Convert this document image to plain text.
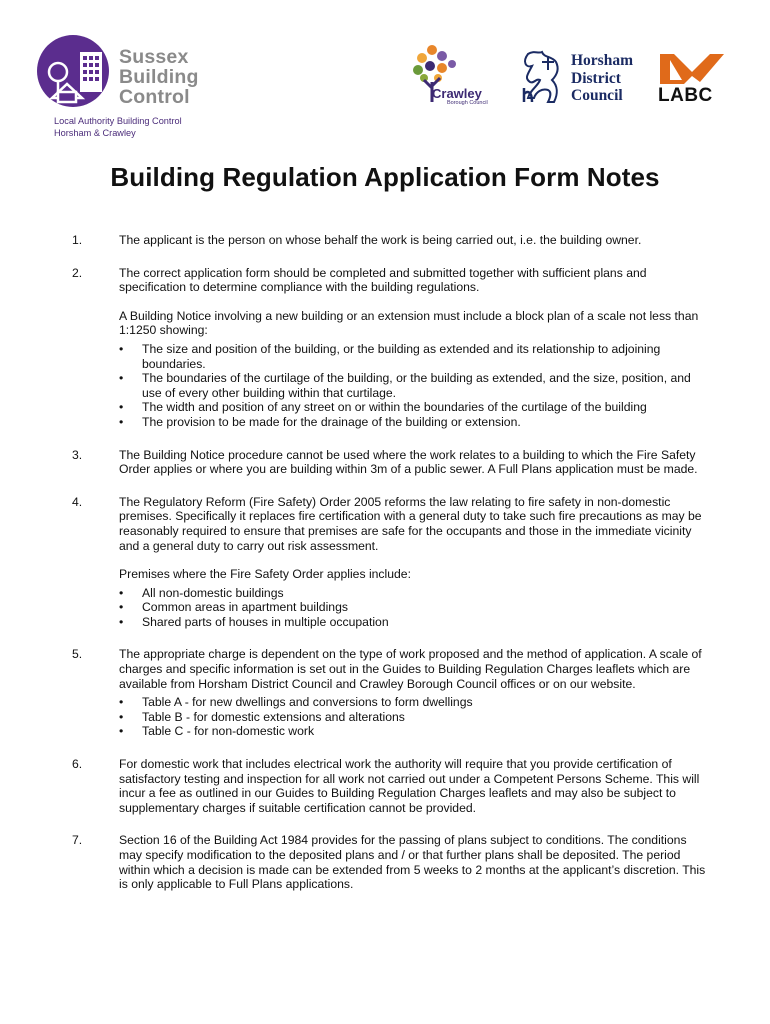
Sussex
Building
Control
Local Authority Building Control
Horsham & Crawley
Crawley
Borough Council
Horsham
District
Council	LABC
Building Regulation Application Form Notes
1.	The applicant is the person on whose behalf the work is being carried out, i.e. the building owner.

2.	The correct application form should be completed and submitted together with sufficient plans and specification to determine compliance with the building regulations.

A Building Notice involving a new building or an extension must include a block plan of a scale not less than 1:1250 showing:

• The size and position of the building, or the building as extended and its relationship to adjoining boundaries.
• The boundaries of the curtilage of the building, or the building as extended, and the size, position, and use of every other building within that curtilage.
• The width and position of any street on or within the boundaries of the curtilage of the building
• The provision to be made for the drainage of the building or extension.
3.	The Building Notice procedure cannot be used where the work relates to a building to which the Fire Safety Order applies or where you are building within 3m of a public sewer. A Full Plans application must be made.

4.	The Regulatory Reform (Fire Safety) Order 2005 reforms the law relating to fire safety in non-domestic premises. Specifically it replaces fire certification with a general duty to take such fire precautions as may be reasonably required to ensure that premises are safe for the occupants and those in the immediate vicinity and a general duty to carry out risk assessment.

Premises where the Fire Safety Order applies include:

• All non-domestic buildings
• Common areas in apartment buildings
• Shared parts of houses in multiple occupation
5.	The appropriate charge is dependent on the type of work proposed and the method of application. A scale of charges and specific information is set out in the Guides to Building Regulation Charges leaflets which are available from Horsham District Council and Crawley Borough Council offices or on our website.

• Table A - for new dwellings and conversions to form dwellings
• Table B - for domestic extensions and alterations
• Table C - for non-domestic work
6.	For domestic work that includes electrical work the authority will require that you provide certification of satisfactory testing and inspection for all work not carried out under a Competent Persons Scheme. This will incur a fee as outlined in our Guides to Building Regulation Charges leaflets and may also be subject to supplementary charges if suitable certification cannot be provided.

7.	Section 16 of the Building Act 1984 provides for the passing of plans subject to conditions. The conditions may specify modification to the deposited plans and / or that further plans shall be deposited. The period within which a decision is made can be extended from 5 weeks to 2 months at the applicant’s discretion. This is only applicable to Full Plans applications.
